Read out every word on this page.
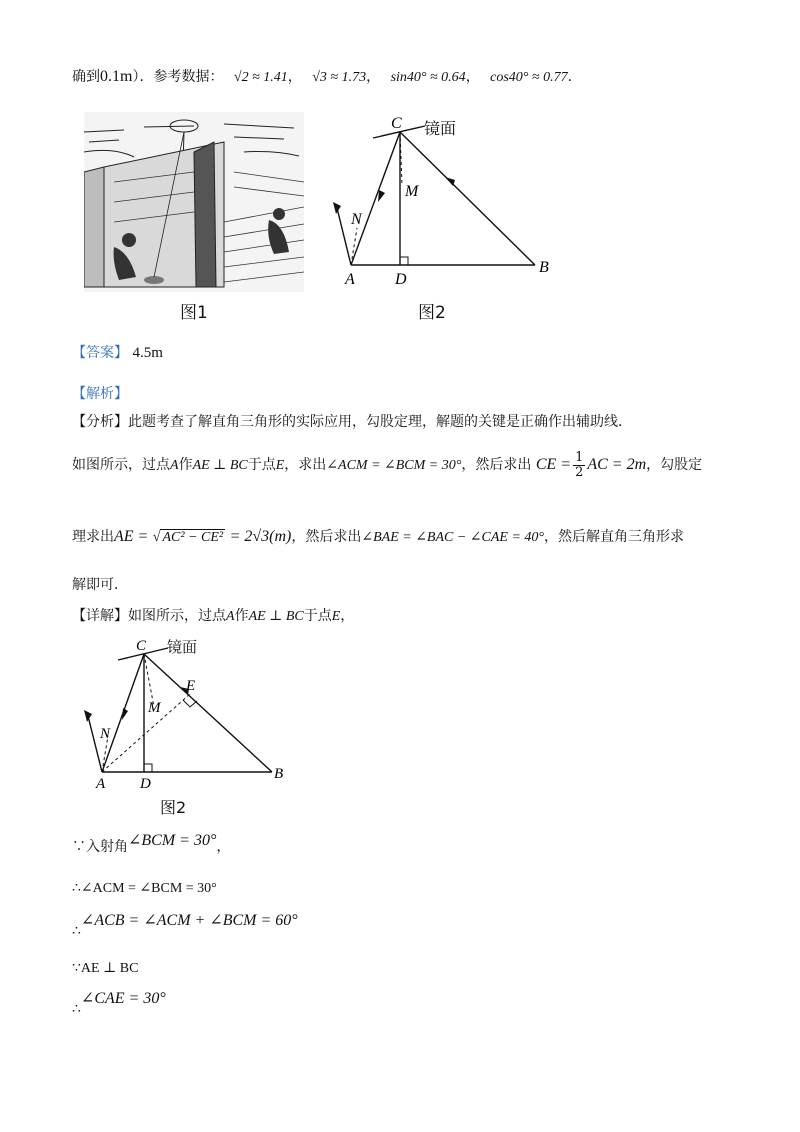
确到0.1m）．参考数据： √2 ≈ 1.41， √3 ≈ 1.73， sin40° ≈ 0.64， cos40° ≈ 0.77．
图1
C
M
N
A	D
B
镜面
图2
【答案】 4.5m
【解析】
【分析】此题考查了解直角三角形的实际应用，勾股定理，解题的关键是正确作出辅助线．
如图所示，过点A作AE ⊥ BC于点E，求出∠ACM = ∠BCM = 30°，然后求出 CE = $\frac{1}{2}$ AC = 2m，勾股定
理求出AE = √ AC² − CE² = 2√3(m)，然后求出∠BAE = ∠BAC − ∠CAE = 40°，然后解直角三角形求
解即可．
【详解】如图所示，过点A作AE ⊥ BC于点E，
C
M
E
N
A D
B
镜面
图2
∵入射角∠BCM = 30°，
∴∠ACM = ∠BCM = 30°
∴∠ACB = ∠ACM + ∠BCM = 60°
∵AE ⊥ BC
∴∠CAE = 30°
